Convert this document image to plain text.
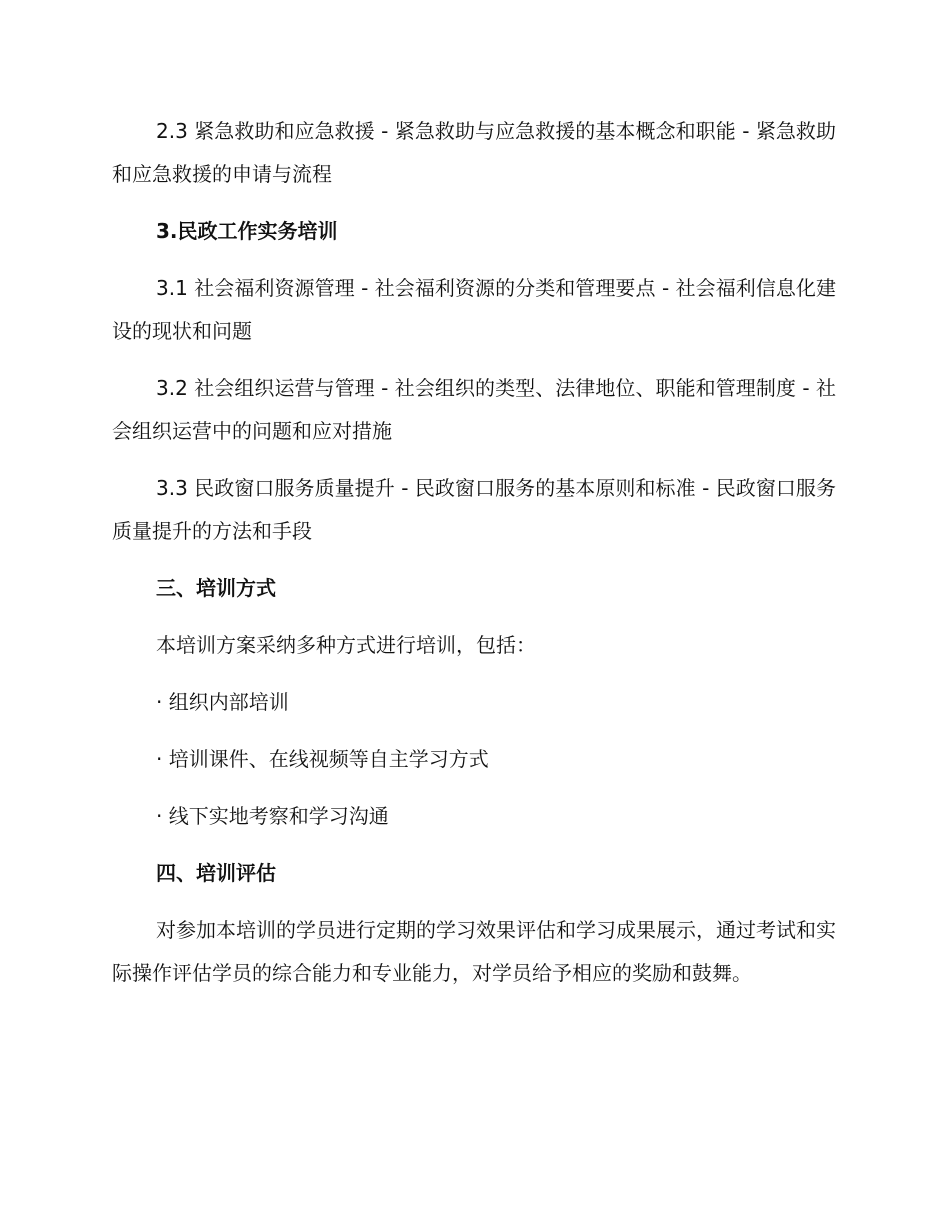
2.3 紧急救助和应急救援 - 紧急救助与应急救援的基本概念和职能 - 紧急救助和应急救援的申请与流程

3.民政工作实务培训

3.1 社会福利资源管理 - 社会福利资源的分类和管理要点 - 社会福利信息化建设的现状和问题

3.2 社会组织运营与管理 - 社会组织的类型、法律地位、职能和管理制度 - 社会组织运营中的问题和应对措施

3.3 民政窗口服务质量提升 - 民政窗口服务的基本原则和标准 - 民政窗口服务质量提升的方法和手段

三、培训方式

本培训方案采纳多种方式进行培训，包括：

· 组织内部培训

· 培训课件、在线视频等自主学习方式

· 线下实地考察和学习沟通

四、培训评估

对参加本培训的学员进行定期的学习效果评估和学习成果展示，通过考试和实际操作评估学员的综合能力和专业能力，对学员给予相应的奖励和鼓舞。
